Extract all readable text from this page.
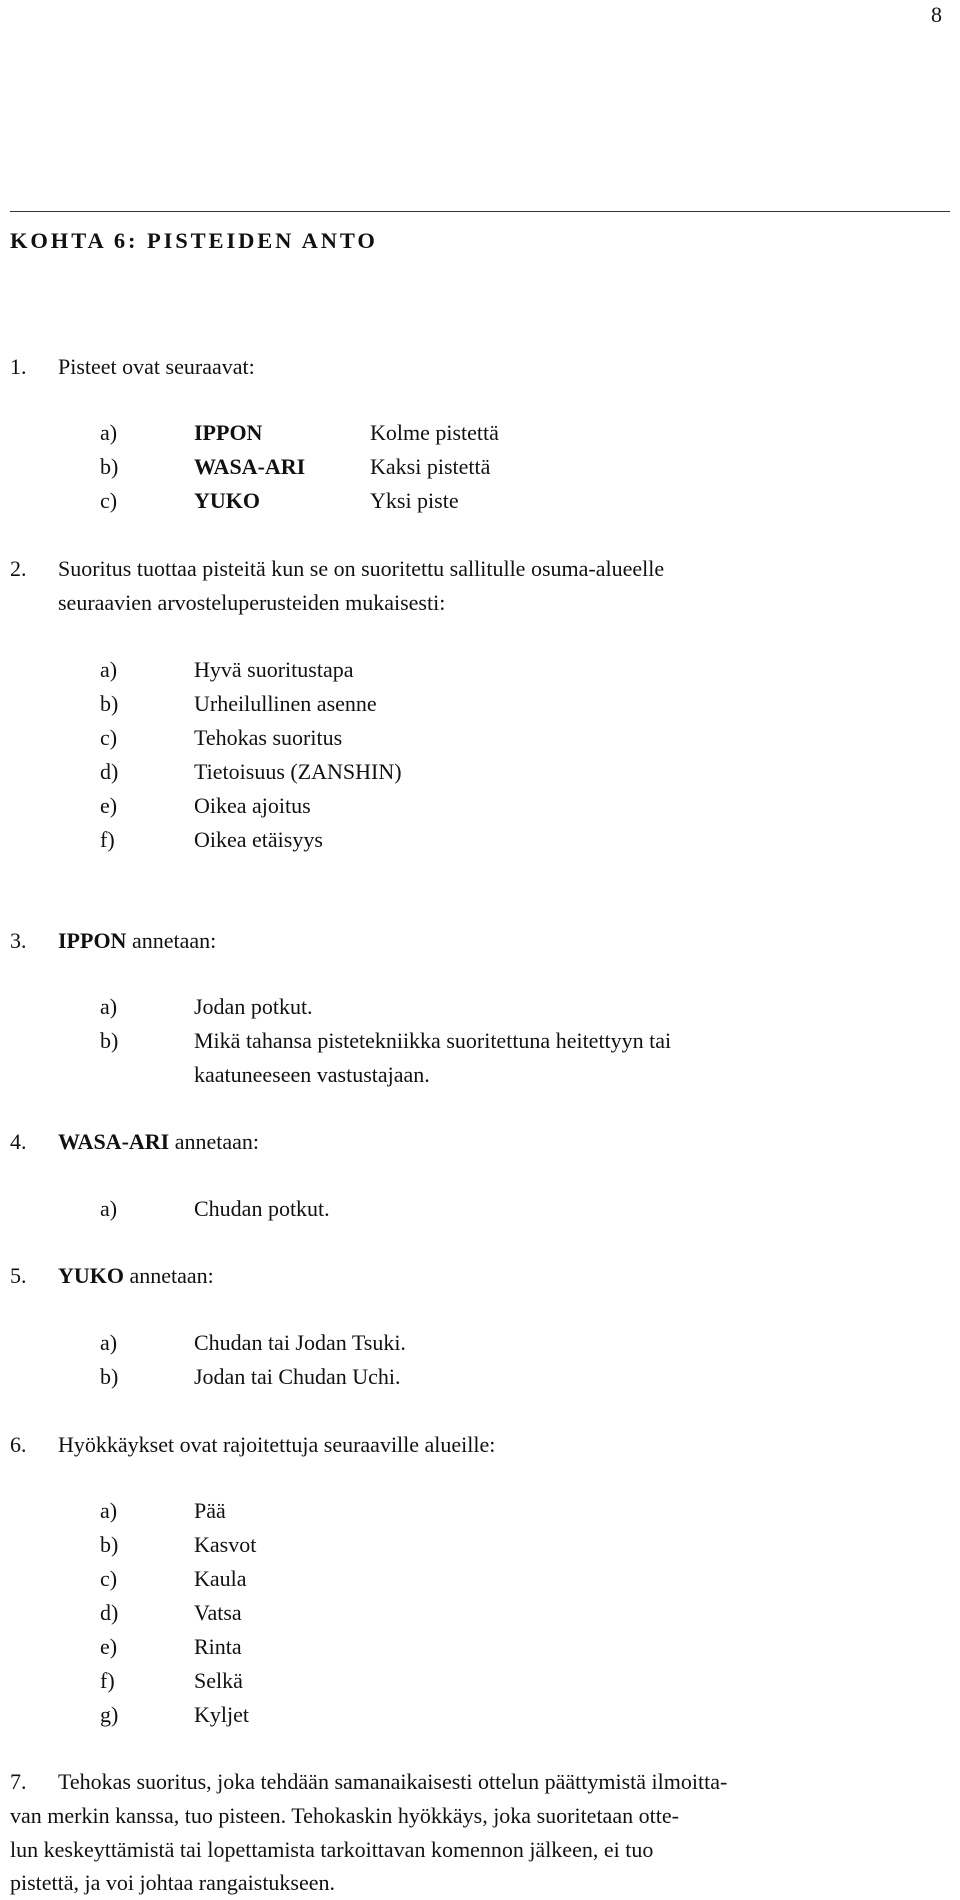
8
KOHTA 6: PISTEIDEN ANTO
1. Pisteet ovat seuraavat:
a)	IPPON	Kolme pistettä
b)	WASA-ARI	Kaksi pistettä
c)	YUKO	Yksi piste
2. Suoritus tuottaa pisteitä kun se on suoritettu sallitulle osuma-alueelle
seuraavien arvosteluperusteiden mukaisesti:
a)	Hyvä suoritustapa
b)	Urheilullinen asenne
c)	Tehokas suoritus
d)	Tietoisuus (ZANSHIN)
e)	Oikea ajoitus
f)	Oikea etäisyys
3. IPPON annetaan:
a)	Jodan potkut.
b)	Mikä tahansa pistetekniikka suoritettuna heitettyyn tai
kaatuneeseen vastustajaan.
4. WASA-ARI annetaan:
a)	Chudan potkut.
5. YUKO annetaan:
a)	Chudan tai Jodan Tsuki.
b)	Jodan tai Chudan Uchi.
6. Hyökkäykset ovat rajoitettuja seuraaville alueille:
a)	Pää
b)	Kasvot
c)	Kaula
d)	Vatsa
e)	Rinta
f)	Selkä
g)	Kyljet
7. Tehokas suoritus, joka tehdään samanaikaisesti ottelun päättymistä ilmoitta-
van merkin kanssa, tuo pisteen. Tehokaskin hyökkäys, joka suoritetaan otte-
lun keskeyttämistä tai lopettamista tarkoittavan komennon jälkeen, ei tuo
pistettä, ja voi johtaa rangaistukseen.
